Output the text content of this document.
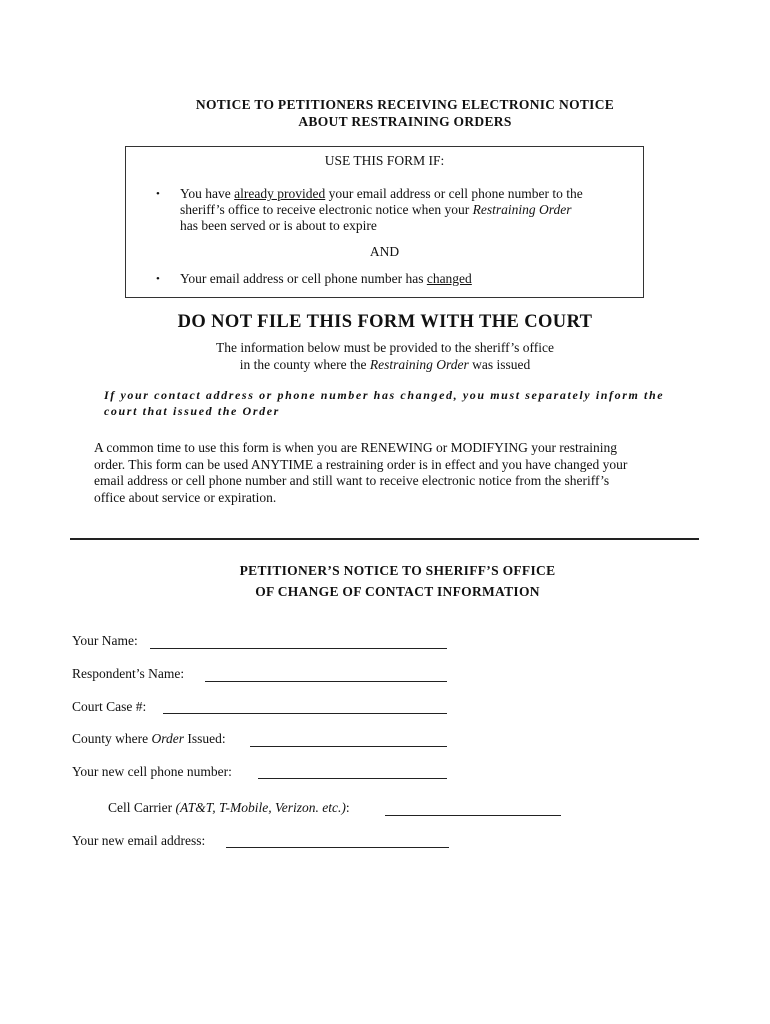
NOTICE TO PETITIONERS RECEIVING ELECTRONIC NOTICE
ABOUT RESTRAINING ORDERS
USE THIS FORM IF:
• You have already provided your email address or cell phone number to the
sheriff’s office to receive electronic notice when your Restraining Order
has been served or is about to expire
AND
• Your email address or cell phone number has changed
DO NOT FILE THIS FORM WITH THE COURT
The information below must be provided to the sheriff’s office
in the county where the Restraining Order was issued
If your contact address or phone number has changed, you must separately inform the
court that issued the Order
A common time to use this form is when you are RENEWING or MODIFYING your restraining
order. This form can be used ANYTIME a restraining order is in effect and you have changed your
email address or cell phone number and still want to receive electronic notice from the sheriff’s
office about service or expiration.
PETITIONER’S NOTICE TO SHERIFF’S OFFICE
OF CHANGE OF CONTACT INFORMATION
Your Name:
Respondent’s Name:
Court Case #:
County where Order Issued:
Your new cell phone number:
Cell Carrier (AT&T, T-Mobile, Verizon. etc.):
Your new email address:
